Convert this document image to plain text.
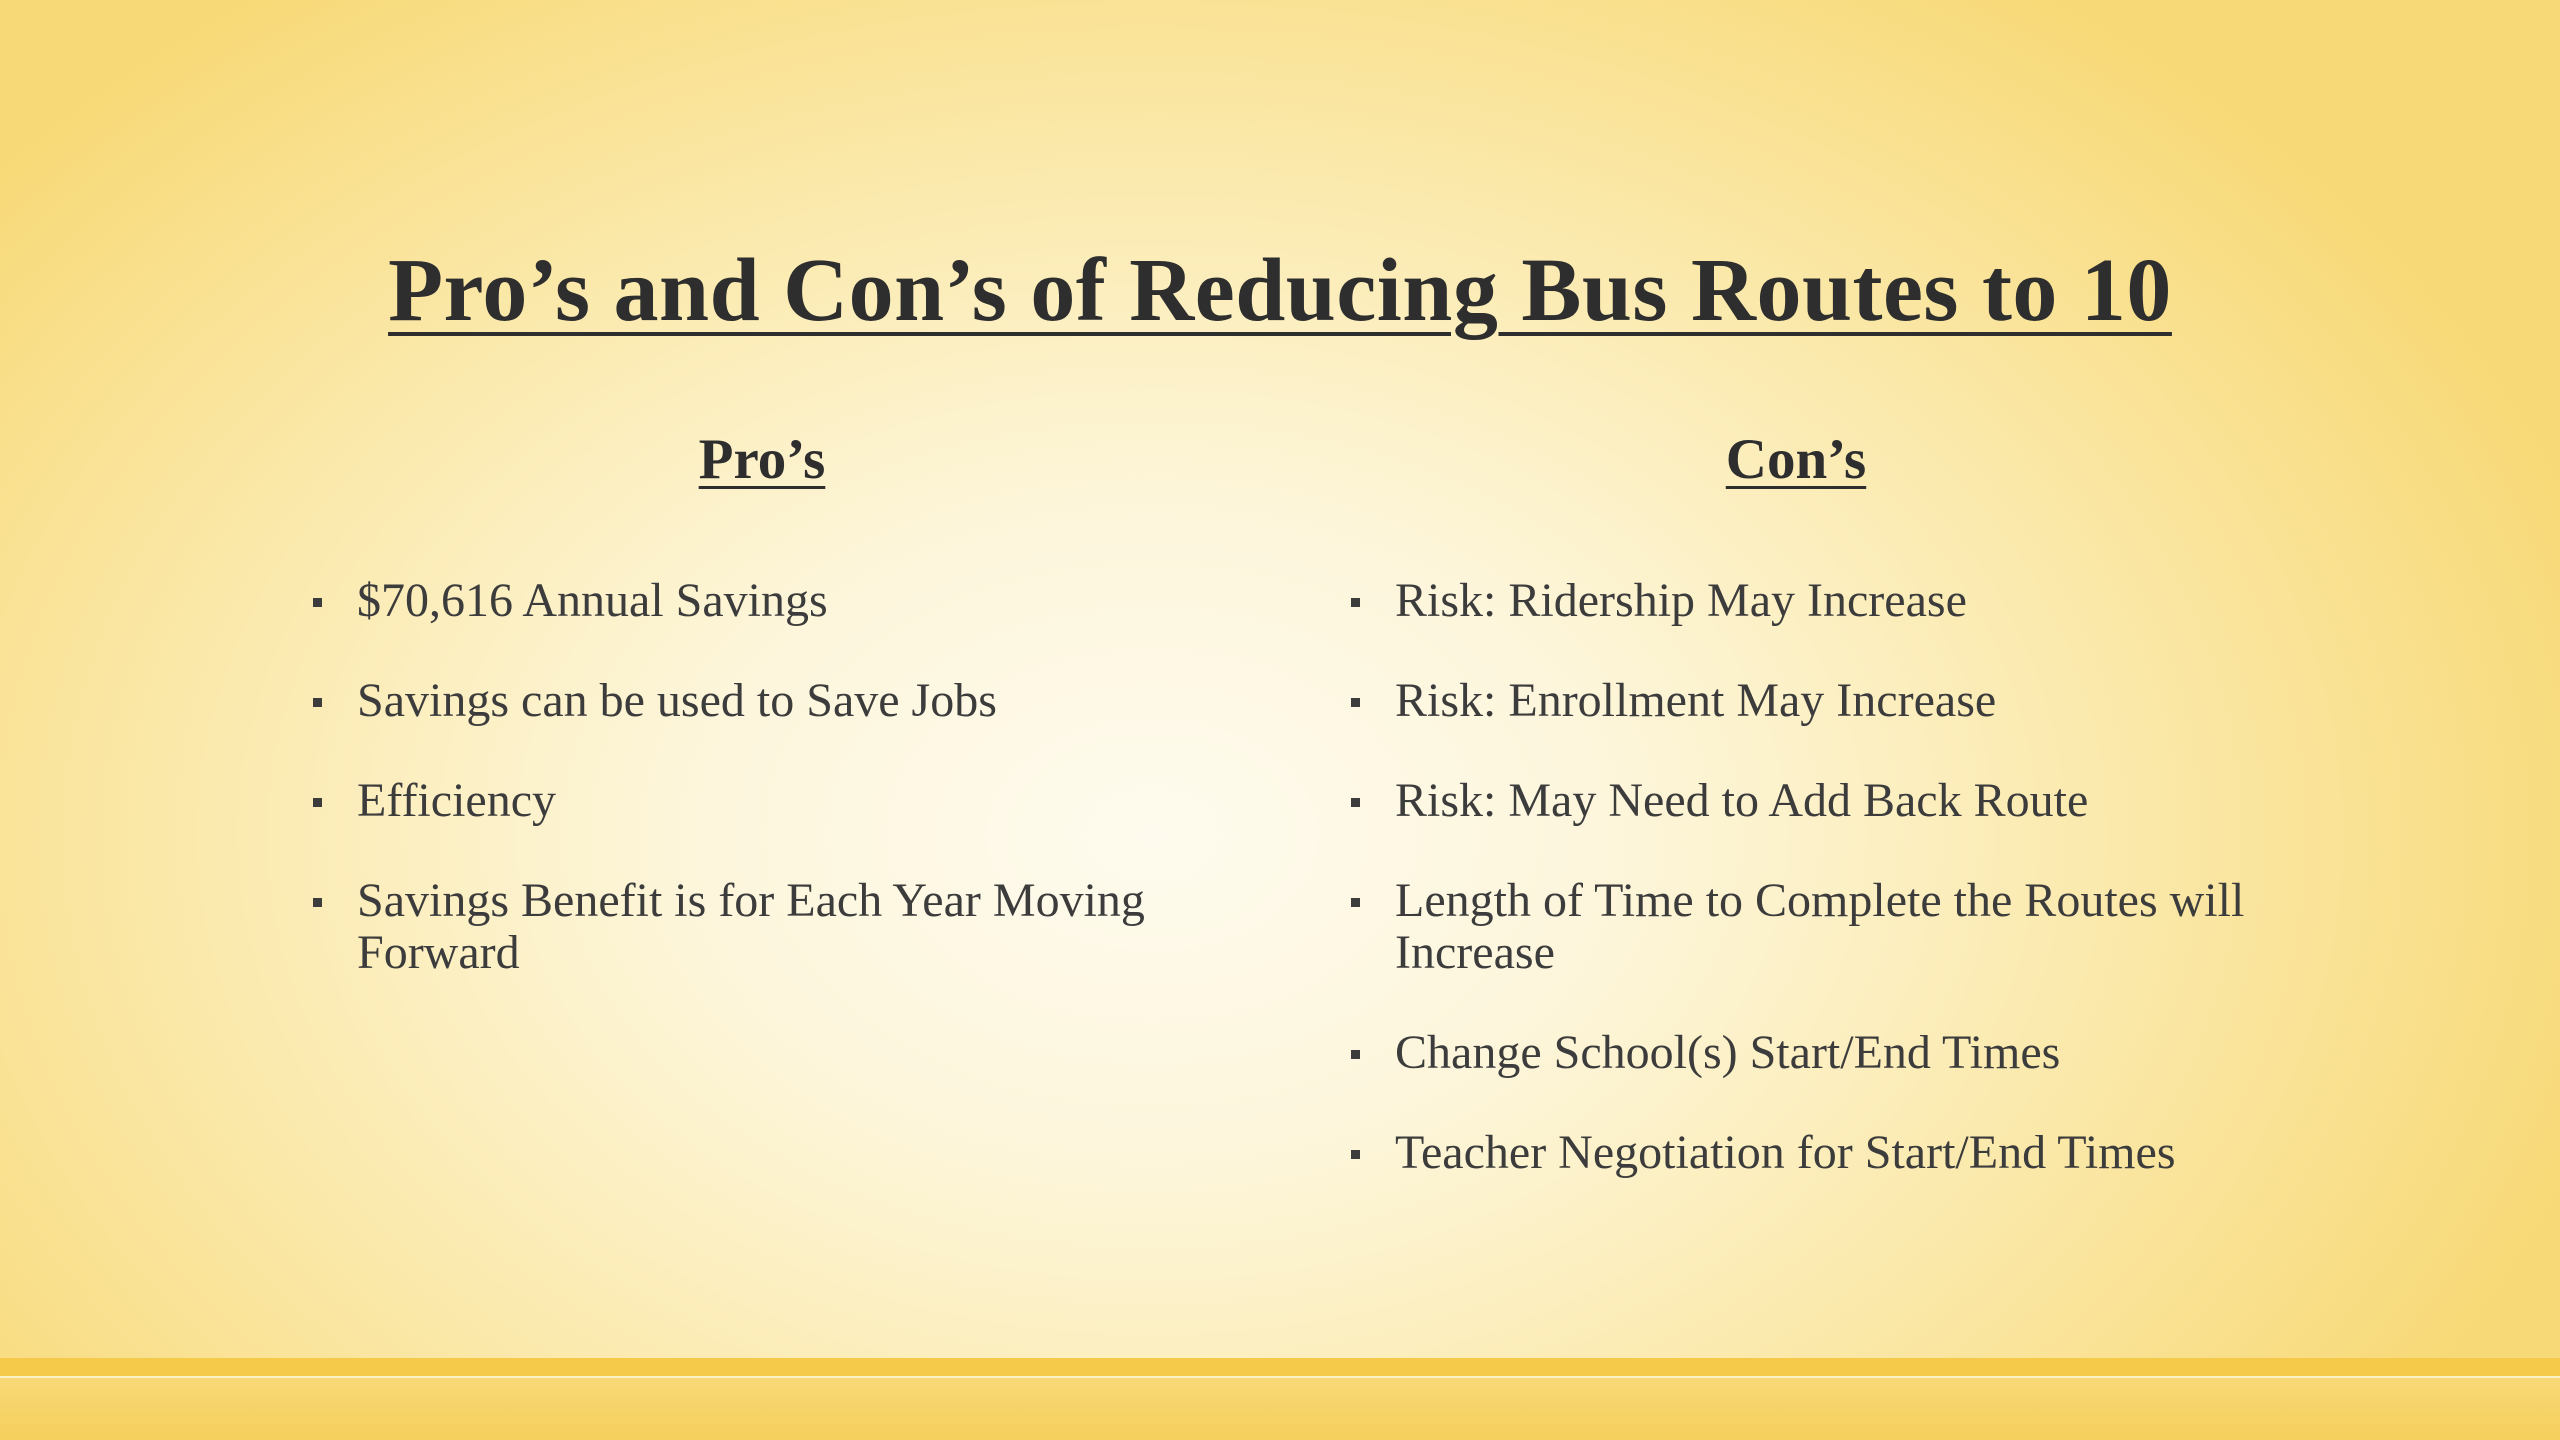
Pro’s and Con’s of Reducing Bus Routes to 10
Pro’s	Con’s
$70,616 Annual Savings
Savings can be used to Save Jobs
Efficiency
Savings Benefit is for Each Year Moving Forward
Risk: Ridership May Increase
Risk: Enrollment May Increase
Risk: May Need to Add Back Route
Length of Time to Complete the Routes will Increase
Change School(s) Start/End Times
Teacher Negotiation for Start/End Times
